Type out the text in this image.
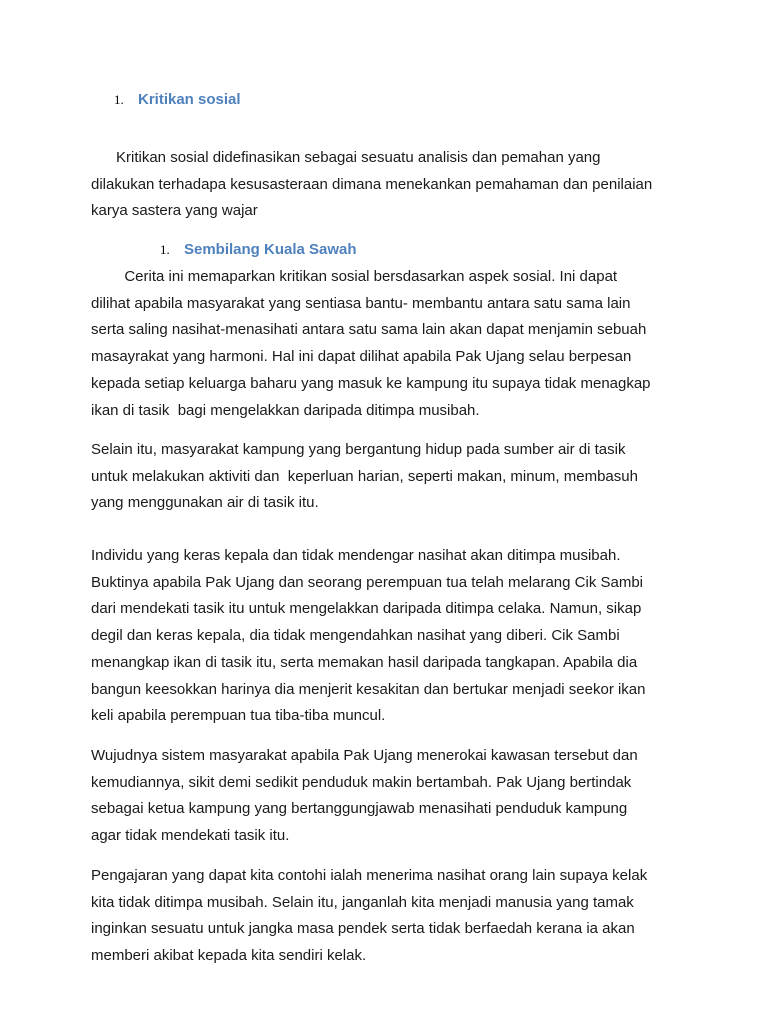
1. Kritikan sosial
Kritikan sosial didefinasikan sebagai sesuatu analisis dan pemahan yang
dilakukan terhadapa kesusasteraan dimana menekankan pemahaman dan penilaian
karya sastera yang wajar
1. Sembilang Kuala Sawah
Cerita ini memaparkan kritikan sosial bersdasarkan aspek sosial. Ini dapat
dilihat apabila masyarakat yang sentiasa bantu- membantu antara satu sama lain
serta saling nasihat-menasihati antara satu sama lain akan dapat menjamin sebuah
masayrakat yang harmoni. Hal ini dapat dilihat apabila Pak Ujang selau berpesan
kepada setiap keluarga baharu yang masuk ke kampung itu supaya tidak menagkap
ikan di tasik  bagi mengelakkan daripada ditimpa musibah.
Selain itu, masyarakat kampung yang bergantung hidup pada sumber air di tasik
untuk melakukan aktiviti dan  keperluan harian, seperti makan, minum, membasuh
yang menggunakan air di tasik itu.
Individu yang keras kepala dan tidak mendengar nasihat akan ditimpa musibah.
Buktinya apabila Pak Ujang dan seorang perempuan tua telah melarang Cik Sambi
dari mendekati tasik itu untuk mengelakkan daripada ditimpa celaka. Namun, sikap
degil dan keras kepala, dia tidak mengendahkan nasihat yang diberi. Cik Sambi
menangkap ikan di tasik itu, serta memakan hasil daripada tangkapan. Apabila dia
bangun keesokkan harinya dia menjerit kesakitan dan bertukar menjadi seekor ikan
keli apabila perempuan tua tiba-tiba muncul.
Wujudnya sistem masyarakat apabila Pak Ujang menerokai kawasan tersebut dan
kemudiannya, sikit demi sedikit penduduk makin bertambah. Pak Ujang bertindak
sebagai ketua kampung yang bertanggungjawab menasihati penduduk kampung
agar tidak mendekati tasik itu.
Pengajaran yang dapat kita contohi ialah menerima nasihat orang lain supaya kelak
kita tidak ditimpa musibah. Selain itu, janganlah kita menjadi manusia yang tamak
inginkan sesuatu untuk jangka masa pendek serta tidak berfaedah kerana ia akan
memberi akibat kepada kita sendiri kelak.
